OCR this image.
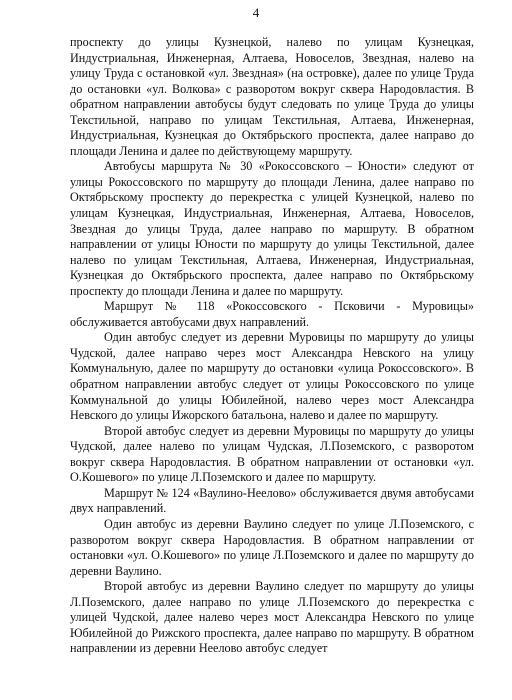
4

проспекту до улицы Кузнецкой, налево по улицам Кузнецкая, Индустриальная, Инженерная, Алтаева, Новоселов, Звездная, налево на улицу Труда с остановкой «ул. Звездная» (на островке), далее по улице Труда до остановки «ул. Волкова» с разворотом вокруг сквера Народовластия. В обратном направлении автобусы будут следовать по улице Труда до улицы Текстильной, направо по улицам Текстильная, Алтаева, Инженерная, Индустриальная, Кузнецкая до Октябрьского проспекта, далее направо до площади Ленина и далее по действующему маршруту.

Автобусы маршрута № 30 «Рокоссовского – Юности» следуют от улицы Рокоссовского по маршруту до площади Ленина, далее направо по Октябрьскому проспекту до перекрестка с улицей Кузнецкой, налево по улицам Кузнецкая, Индустриальная, Инженерная, Алтаева, Новоселов, Звездная до улицы Труда, далее направо по маршруту. В обратном направлении от улицы Юности по маршруту до улицы Текстильной, далее налево по улицам Текстильная, Алтаева, Инженерная, Индустриальная, Кузнецкая до Октябрьского проспекта, далее направо по Октябрьскому проспекту до площади Ленина и далее по маршруту.

Маршрут № 118 «Рокоссовского - Псковичи - Муровицы» обслуживается автобусами двух направлений.

Один автобус следует из деревни Муровицы по маршруту до улицы Чудской, далее направо через мост Александра Невского на улицу Коммунальную, далее по маршруту до остановки «улица Рокоссовского». В обратном направлении автобус следует от улицы Рокоссовского по улице Коммунальной до улицы Юбилейной, налево через мост Александра Невского до улицы Ижорского батальона, налево и далее по маршруту.

Второй автобус следует из деревни Муровицы по маршруту до улицы Чудской, далее налево по улицам Чудская, Л.Поземского, с разворотом вокруг сквера Народовластия. В обратном направлении от остановки «ул. О.Кошевого» по улице Л.Поземского и далее по маршруту.

Маршрут № 124 «Ваулино-Неелово» обслуживается двумя автобусами двух направлений.

Один автобус из деревни Ваулино следует по улице Л.Поземского, с разворотом вокруг сквера Народовластия. В обратном направлении от остановки «ул. О.Кошевого» по улице Л.Поземского и далее по маршруту до деревни Ваулино.

Второй автобус из деревни Ваулино следует по маршруту до улицы Л.Поземского, далее направо по улице Л.Поземского до перекрестка с улицей Чудской, далее налево через мост Александра Невского по улице Юбилейной до Рижского проспекта, далее направо по маршруту. В обратном направлении из деревни Неелово автобус следует
